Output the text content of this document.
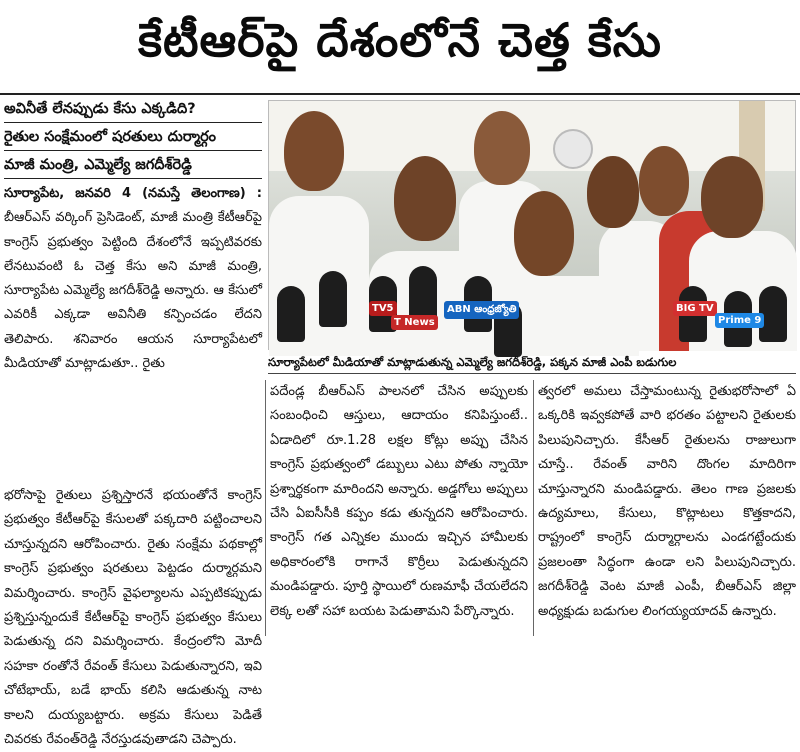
కేటీఆర్‌పై దేశంలోనే చెత్త కేసు
అవినీతే లేనప్పుడు కేసు ఎక్కడిది?
రైతుల సంక్షేమంలో షరతులు దుర్మార్గం
మాజీ మంత్రి, ఎమ్మెల్యే జగదీశ్‌రెడ్డి

సూర్యాపేట, జనవరి 4 (నమస్తే తెలంగాణ) : బీఆర్‌ఎస్ వర్కింగ్ ప్రెసిడెంట్, మాజీ మంత్రి కేటీఆర్‌పై కాంగ్రెస్ ప్రభుత్వం పెట్టింది దేశంలోనే ఇప్పటివరకు లేనటువంటి ఓ చెత్త కేసు అని మాజీ మంత్రి, సూర్యాపేట ఎమ్మెల్యే జగదీశ్‌రెడ్డి అన్నారు. ఆ కేసులో ఎవరికీ ఎక్కడా అవినీతి కన్పించడం లేదని తెలిపారు. శనివారం ఆయన సూర్యాపేటలో మీడియాతో మాట్లాడుతూ.. రైతు

TV5
T News
ABN ఆంధ్రజ్యోతి	BIG TV
Prime 9
సూర్యాపేటలో మీడియాతో మాట్లాడుతున్న ఎమ్మెల్యే జగదీశ్‌రెడ్డి, పక్కన మాజీ ఎంపీ బడుగుల
భరోసాపై రైతులు ప్రశ్నిస్తారనే భయంతోనే కాంగ్రెస్ ప్రభుత్వం కేటీఆర్‌పై కేసులతో పక్కదారి పట్టించాలని చూస్తున్నదని ఆరోపించారు. రైతు సంక్షేమ పథకాల్లో కాంగ్రెస్ ప్రభుత్వం షరతులు పెట్టడం దుర్మార్గమని విమర్శించారు. కాంగ్రెస్ వైఫల్యాలను ఎప్పటికప్పుడు ప్రశ్నిస్తున్నందుకే కేటీఆర్‌పై కాంగ్రెస్ ప్రభుత్వం కేసులు పెడుతున్న దని విమర్శించారు. కేంద్రంలోని మోదీ సహకా రంతోనే రేవంత్ కేసులు పెడుతున్నారని, ఇవి చోటేభాయ్, బడే భాయ్ కలిసి ఆడుతున్న నాట కాలని దుయ్యబట్టారు. అక్రమ కేసులు పెడితే చివరకు రేవంత్‌రెడ్డి నేరస్తుడవుతాడని చెప్పారు.
పదేండ్ల బీఆర్‌ఎస్ పాలనలో చేసిన అప్పులకు సంబంధించి ఆస్తులు, ఆదాయం కనిపిస్తుంటే.. ఏడాదిలో రూ.1.28 లక్షల కోట్లు అప్పు చేసిన కాంగ్రెస్ ప్రభుత్వంలో డబ్బులు ఎటు పోతు న్నాయో ప్రశ్నార్థకంగా మారిందని అన్నారు. అడ్డగోలు అప్పులు చేసి ఏఐసీసీకి కప్పం కడు తున్నదని ఆరోపించారు. కాంగ్రెస్ గత ఎన్నికల ముందు ఇచ్చిన హామీలకు అధికారంలోకి రాగానే కొర్రీలు పెడుతున్నదని మండిపడ్డారు. పూర్తి స్థాయిలో రుణమాఫీ చేయలేదని లెక్క లతో సహా బయట పెడుతామని పేర్కొన్నారు.
త్వరలో అమలు చేస్తామంటున్న రైతుభరోసాలో ఏ ఒక్కరికి ఇవ్వకపోతే వారి భరతం పట్టాలని రైతులకు పిలుపునిచ్చారు. కేసీఆర్ రైతులను రాజులుగా చూస్తే.. రేవంత్ వారిని దొంగల మాదిరిగా చూస్తున్నారని మండిపడ్డారు. తెలం గాణ ప్రజలకు ఉద్యమాలు, కేసులు, కొట్లాటలు కొత్తకాదని, రాష్ట్రంలో కాంగ్రెస్ దుర్మార్గాలను ఎండగట్టేందుకు ప్రజలంతా సిద్ధంగా ఉండా లని పిలుపునిచ్చారు. జగదీశ్‌రెడ్డి వెంట మాజీ ఎంపీ, బీఆర్‌ఎస్ జిల్లా అధ్యక్షుడు బడుగుల లింగయ్యయాదవ్ ఉన్నారు.
